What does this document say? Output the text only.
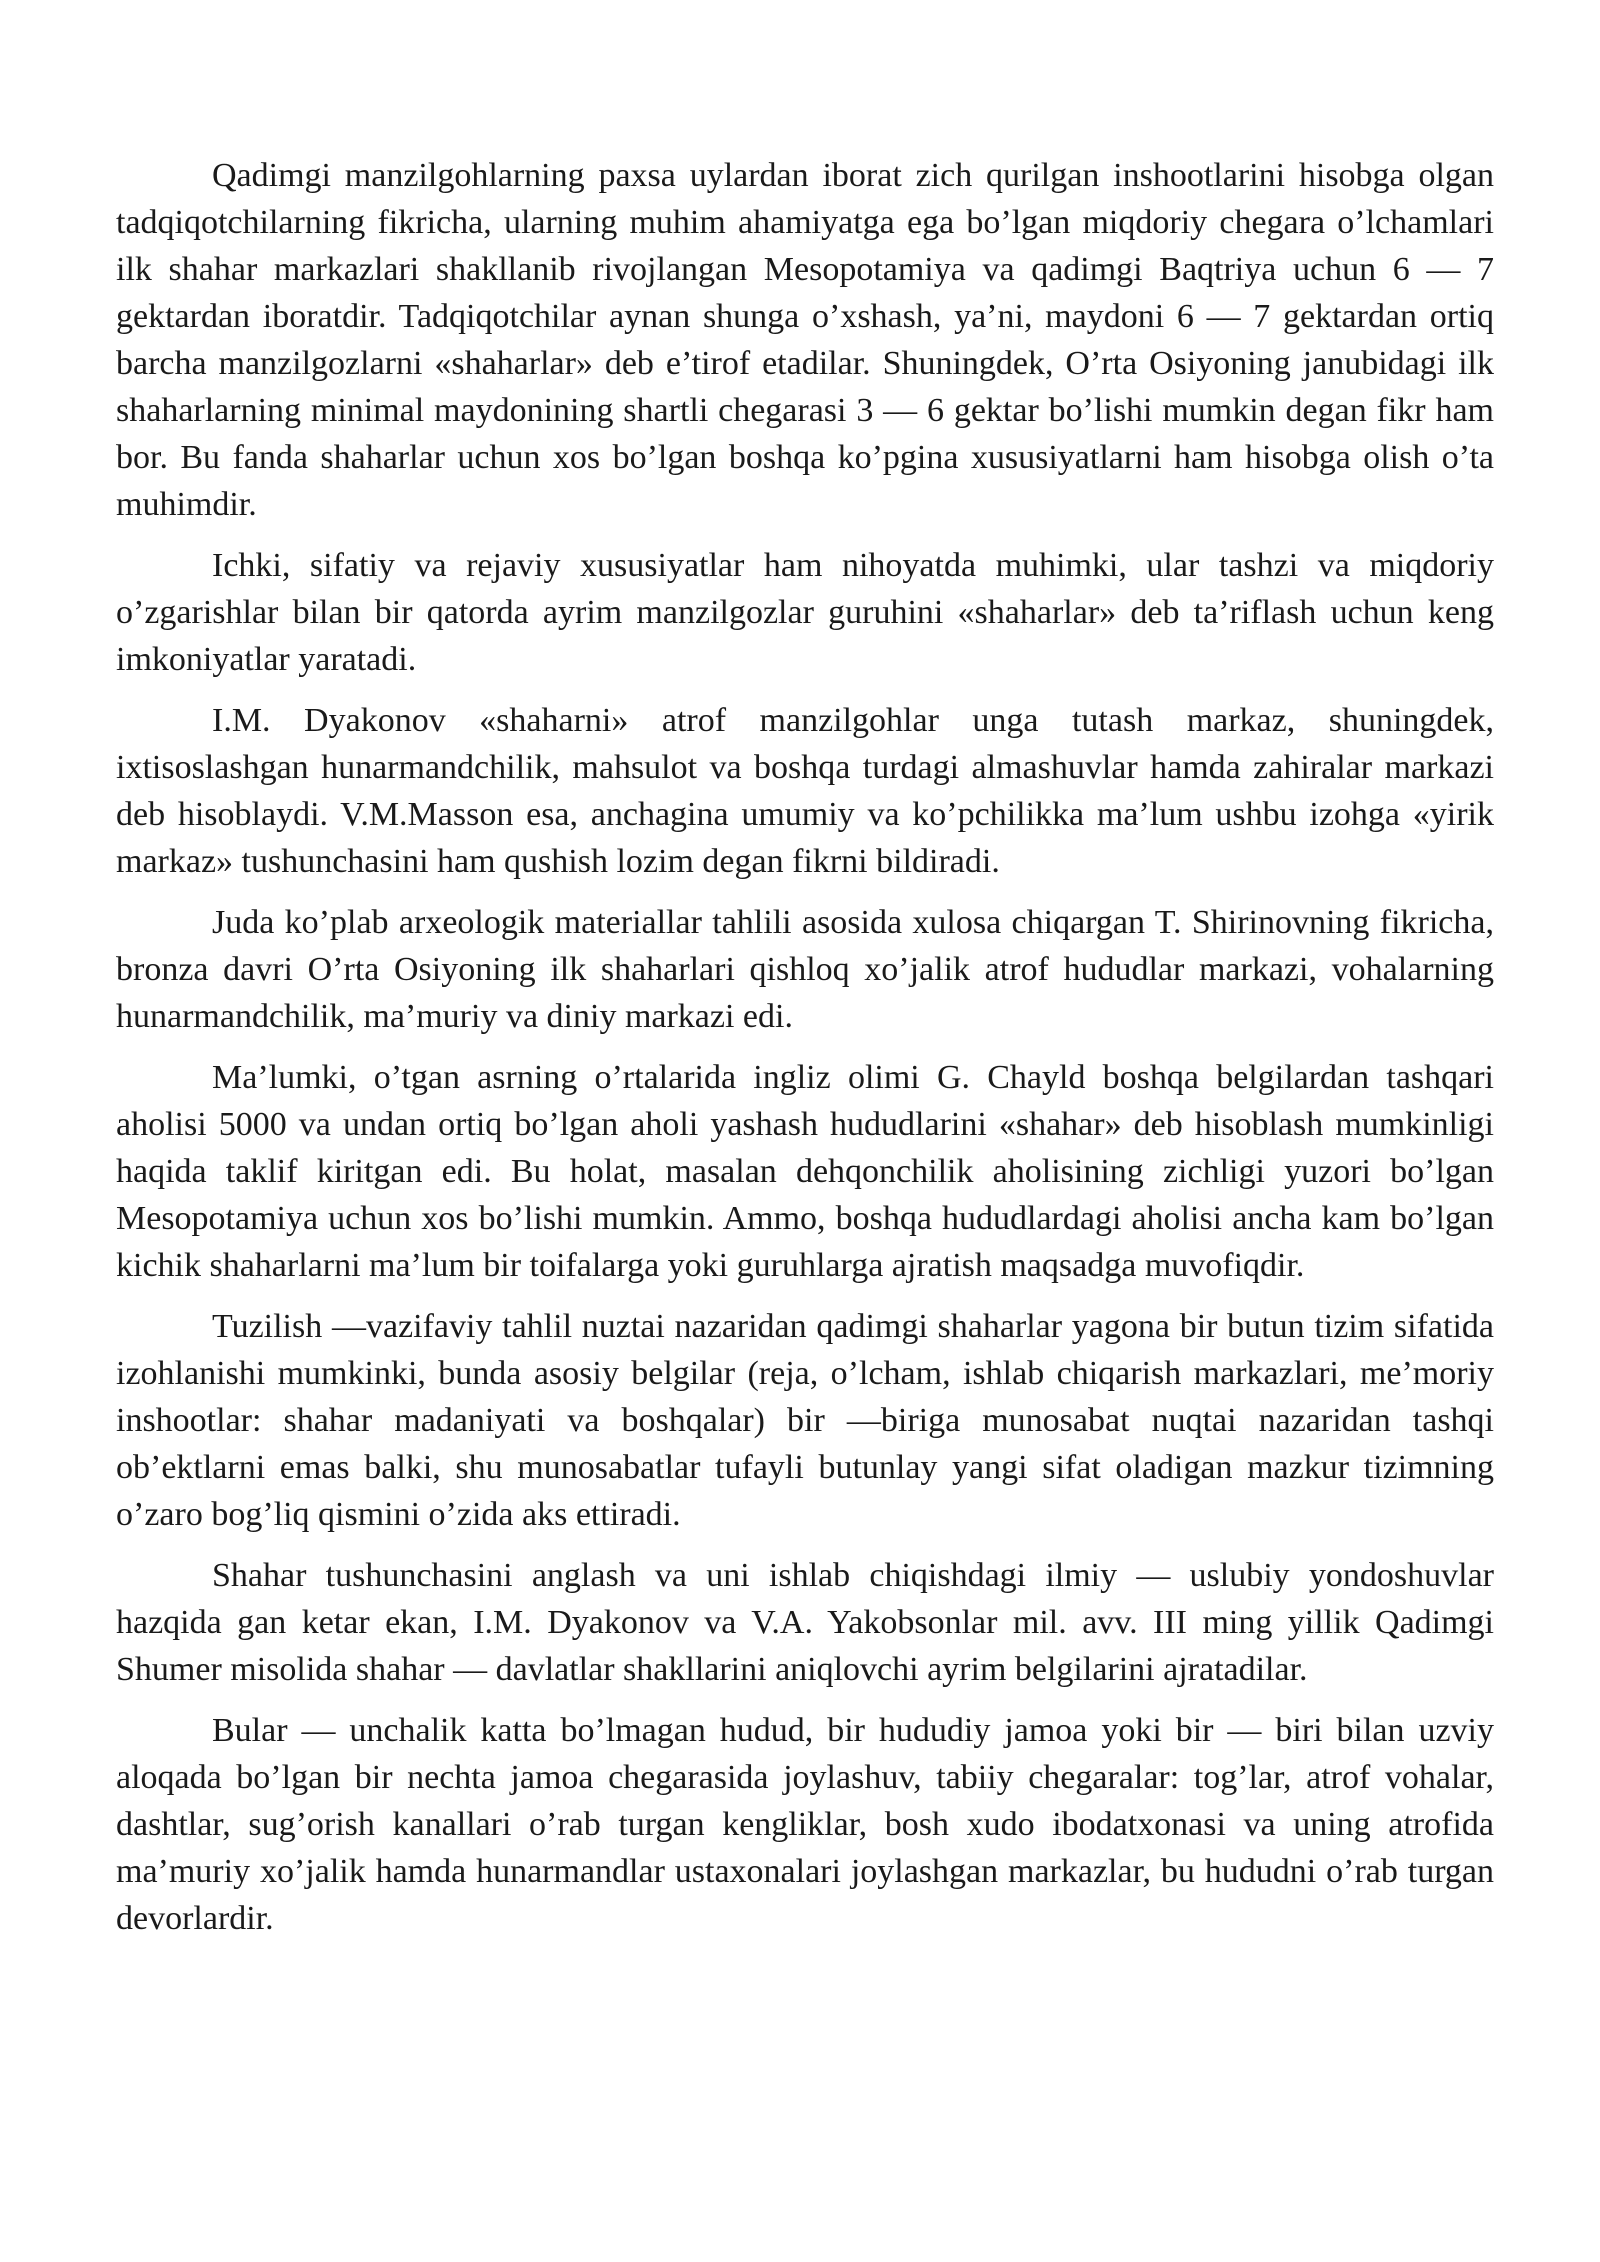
Qadimgi manzilgohlarning paxsa uylardan iborat zich qurilgan inshootlarini hisobga olgan tadqiqotchilarning fikricha, ularning muhim ahamiyatga ega bo’lgan miqdoriy chegara o’lchamlari ilk shahar markazlari shakllanib rivojlangan Mesopotamiya va qadimgi Baqtriya uchun 6 — 7 gektardan iboratdir. Tadqiqotchilar aynan shunga o’xshash, ya’ni, maydoni 6 — 7 gektardan ortiq barcha manzilgozlarni «shaharlar» deb e’tirof etadilar. Shuningdek, O’rta Osiyoning janubidagi ilk shaharlarning minimal maydonining shartli chegarasi 3 — 6 gektar bo’lishi mumkin degan fikr ham bor. Bu fanda shaharlar uchun xos bo’lgan boshqa ko’pgina xususiyatlarni ham hisobga olish o’ta muhimdir.

Ichki, sifatiy va rejaviy xususiyatlar ham nihoyatda muhimki, ular tashzi va miqdoriy o’zgarishlar bilan bir qatorda ayrim manzilgozlar guruhini «shaharlar» deb ta’riflash uchun keng imkoniyatlar yaratadi.

I.M. Dyakonov «shaharni» atrof manzilgohlar unga tutash markaz, shuningdek, ixtisoslashgan hunarmandchilik, mahsulot va boshqa turdagi almashuvlar hamda zahiralar markazi deb hisoblaydi. V.M.Masson esa, anchagina umumiy va ko’pchilikka ma’lum ushbu izohga «yirik markaz» tushunchasini ham qushish lozim degan fikrni bildiradi.

Juda ko’plab arxeologik materiallar tahlili asosida xulosa chiqargan T. Shirinovning fikricha, bronza davri O’rta Osiyoning ilk shaharlari qishloq xo’jalik atrof hududlar markazi, vohalarning hunarmandchilik, ma’muriy va diniy markazi edi.

Ma’lumki, o’tgan asrning o’rtalarida ingliz olimi G. Chayld boshqa belgilardan tashqari aholisi 5000 va undan ortiq bo’lgan aholi yashash hududlarini «shahar» deb hisoblash mumkinligi haqida taklif kiritgan edi. Bu holat, masalan dehqonchilik aholisining zichligi yuzori bo’lgan Mesopotamiya uchun xos bo’lishi mumkin. Ammo, boshqa hududlardagi aholisi ancha kam bo’lgan kichik shaharlarni ma’lum bir toifalarga yoki guruhlarga ajratish maqsadga muvofiqdir.

Tuzilish —vazifaviy tahlil nuztai nazaridan qadimgi shaharlar yagona bir butun tizim sifatida izohlanishi mumkinki, bunda asosiy belgilar (reja, o’lcham, ishlab chiqarish markazlari, me’moriy inshootlar: shahar madaniyati va boshqalar) bir —biriga munosabat nuqtai nazaridan tashqi ob’ektlarni emas balki, shu munosabatlar tufayli butunlay yangi sifat oladigan mazkur tizimning o’zaro bog’liq qismini o’zida aks ettiradi.

Shahar tushunchasini anglash va uni ishlab chiqishdagi ilmiy — uslubiy yondoshuvlar hazqida gan ketar ekan, I.M. Dyakonov va V.A. Yakobsonlar mil. avv. III ming yillik Qadimgi Shumer misolida shahar — davlatlar shakllarini aniqlovchi ayrim belgilarini ajratadilar.

Bular — unchalik katta bo’lmagan hudud, bir hududiy jamoa yoki bir — biri bilan uzviy aloqada bo’lgan bir nechta jamoa chegarasida joylashuv, tabiiy chegaralar: tog’lar, atrof vohalar, dashtlar, sug’orish kanallari o’rab turgan kengliklar, bosh xudo ibodatxonasi va uning atrofida ma’muriy xo’jalik hamda hunarmandlar ustaxonalari joylashgan markazlar, bu hududni o’rab turgan devorlardir.
